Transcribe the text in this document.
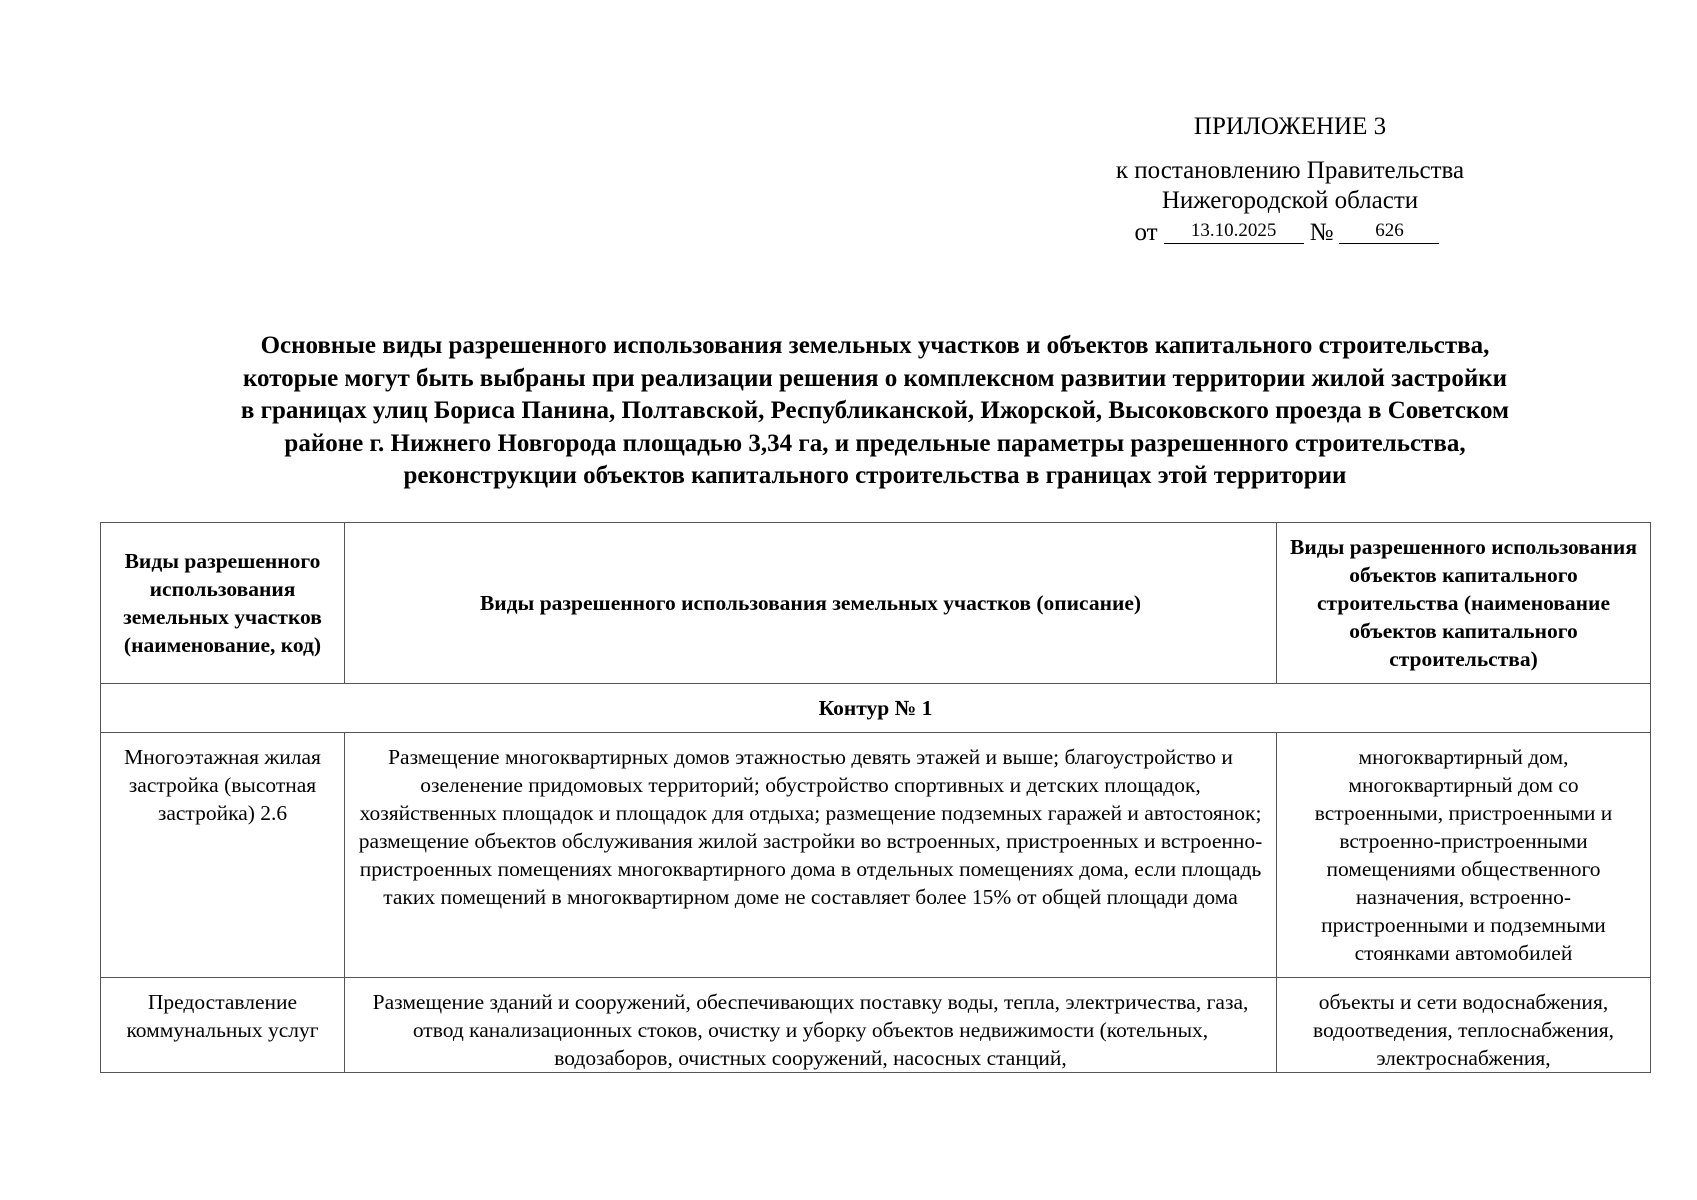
ПРИЛОЖЕНИЕ 3
к постановлению Правительства
Нижегородской области
от	13.10.2025	№	626
Основные виды разрешенного использования земельных участков и объектов капитального строительства,
которые могут быть выбраны при реализации решения о комплексном развитии территории жилой застройки
в границах улиц Бориса Панина, Полтавской, Республиканской, Ижорской, Высоковского проезда в Советском
районе г. Нижнего Новгорода площадью 3,34 га, и предельные параметры разрешенного строительства,
реконструкции объектов капитального строительства в границах этой территории
Виды разрешенного использования земельных участков (наименование, код)	Виды разрешенного использования земельных участков (описание)	Виды разрешенного использования объектов капитального строительства (наименование объектов капитального строительства)
Контур № 1		
Многоэтажная жилая застройка (высотная застройка) 2.6	Размещение многоквартирных домов этажностью девять этажей и выше; благоустройство и озеленение придомовых территорий; обустройство спортивных и детских площадок, хозяйственных площадок и площадок для отдыха; размещение подземных гаражей и автостоянок; размещение объектов обслуживания жилой застройки во встроенных, пристроенных и встроенно-пристроенных помещениях многоквартирного дома в отдельных помещениях дома, если площадь таких помещений в многоквартирном доме не составляет более 15% от общей площади дома	многоквартирный дом, многоквартирный дом со встроенными, пристроенными и встроенно-пристроенными помещениями общественного назначения, встроенно-пристроенными и подземными стоянками автомобилей
Предоставление коммунальных услуг	Размещение зданий и сооружений, обеспечивающих поставку воды, тепла, электричества, газа, отвод канализационных стоков, очистку и уборку объектов недвижимости (котельных, водозаборов, очистных сооружений, насосных станций,	объекты и сети водоснабжения, водоотведения, теплоснабжения, электроснабжения,
